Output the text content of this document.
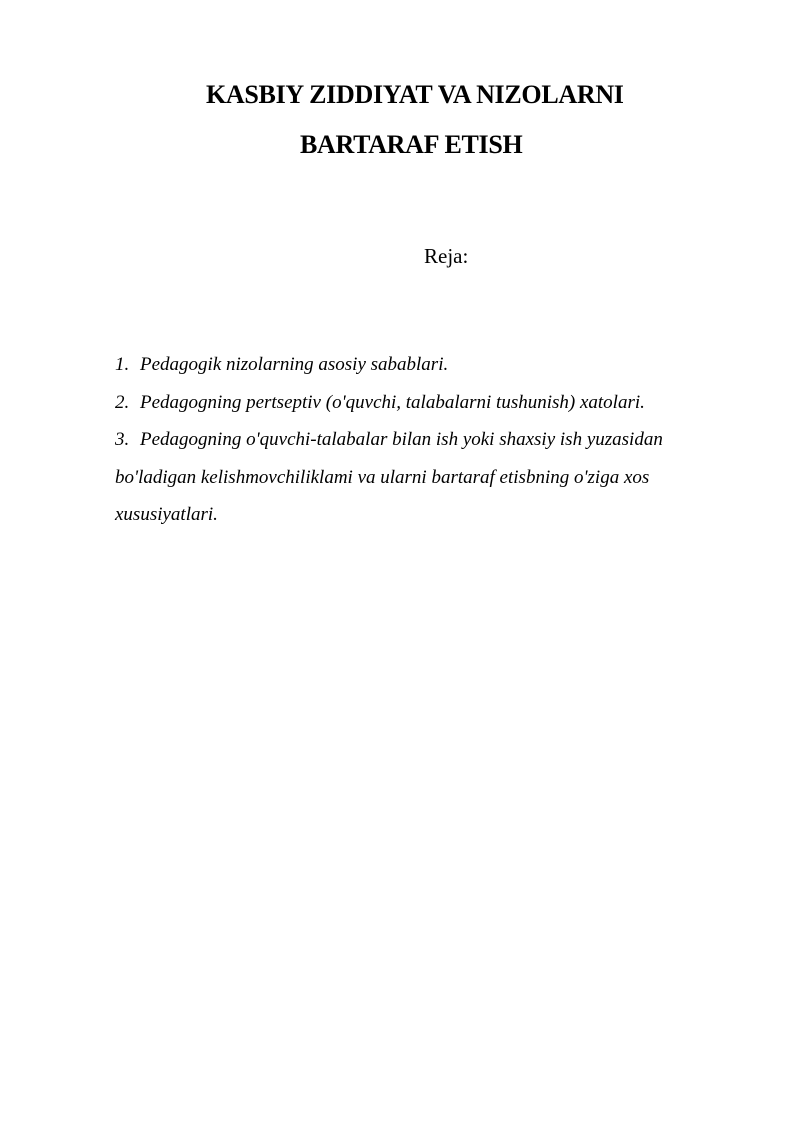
KASBIY ZIDDIYAT VA NIZOLARNI
BARTARAF ETISH
Reja:

1. Pedagogik nizolarning asosiy sabablari.

2. Pedagogning pertseptiv (o'quvchi, talabalarni tushunish) xatolari.

3. Pedagogning o'quvchi-talabalar bilan ish yoki shaxsiy ish yuzasidan bo'ladigan kelishmovchiliklami va ularni bartaraf etisbning o'ziga xos xususiyatlari.
